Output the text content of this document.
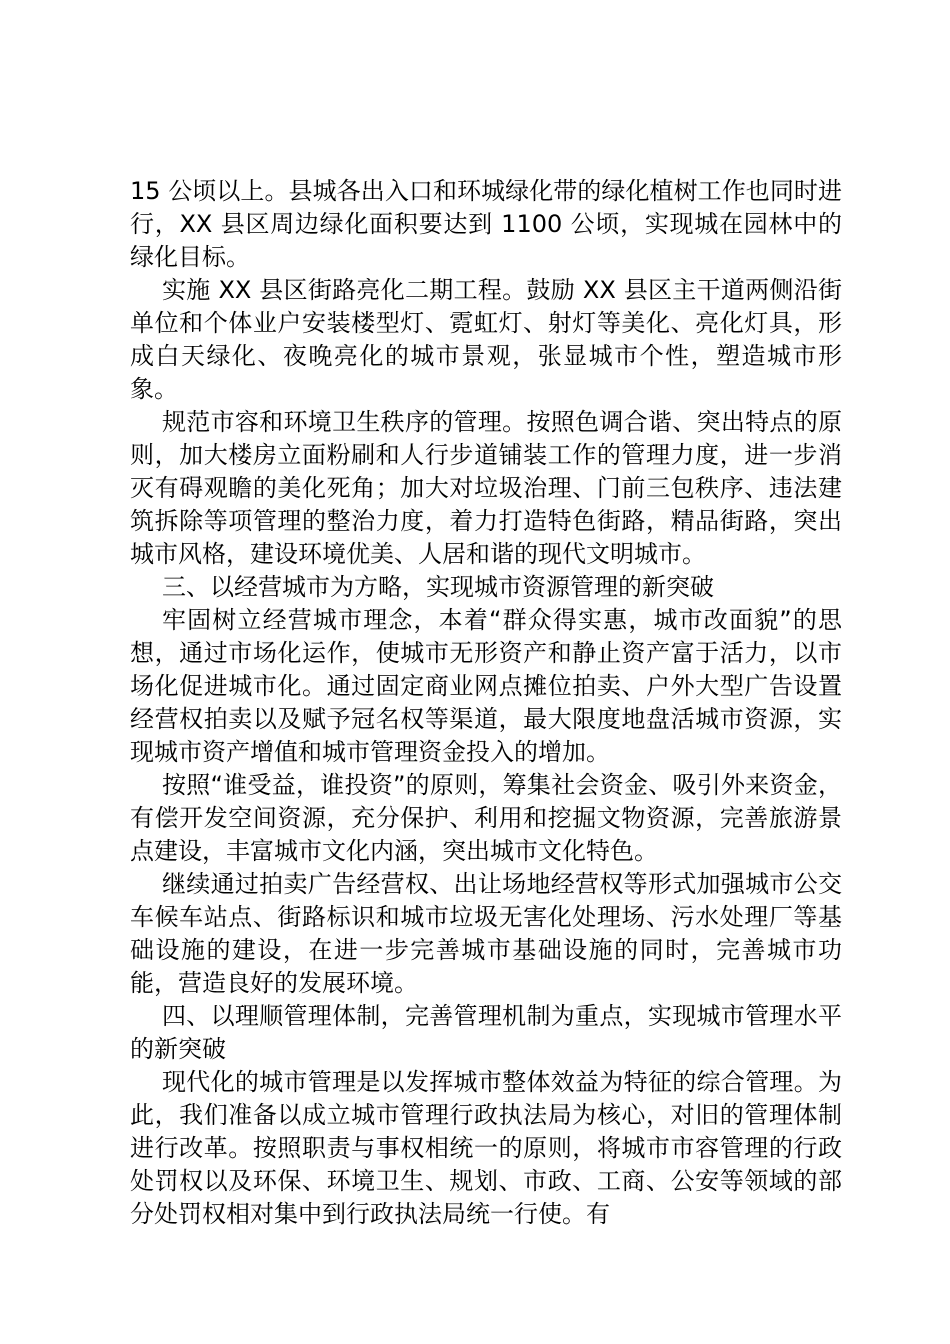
15 公顷以上。县城各出入口和环城绿化带的绿化植树工作也同时进行，XX 县区周边绿化面积要达到 1100 公顷，实现城在园林中的绿化目标。

实施 XX 县区街路亮化二期工程。鼓励 XX 县区主干道两侧沿街单位和个体业户安装楼型灯、霓虹灯、射灯等美化、亮化灯具，形成白天绿化、夜晚亮化的城市景观，张显城市个性，塑造城市形象。

规范市容和环境卫生秩序的管理。按照色调合谐、突出特点的原则，加大楼房立面粉刷和人行步道铺装工作的管理力度，进一步消灭有碍观瞻的美化死角；加大对垃圾治理、门前三包秩序、违法建筑拆除等项管理的整治力度，着力打造特色街路，精品街路，突出城市风格，建设环境优美、人居和谐的现代文明城市。

三、以经营城市为方略，实现城市资源管理的新突破

牢固树立经营城市理念，本着“群众得实惠，城市改面貌”的思想，通过市场化运作，使城市无形资产和静止资产富于活力，以市场化促进城市化。通过固定商业网点摊位拍卖、户外大型广告设置经营权拍卖以及赋予冠名权等渠道，最大限度地盘活城市资源，实现城市资产增值和城市管理资金投入的增加。

按照“谁受益，谁投资”的原则，筹集社会资金、吸引外来资金，有偿开发空间资源，充分保护、利用和挖掘文物资源，完善旅游景点建设，丰富城市文化内涵，突出城市文化特色。

继续通过拍卖广告经营权、出让场地经营权等形式加强城市公交车候车站点、街路标识和城市垃圾无害化处理场、污水处理厂等基础设施的建设，在进一步完善城市基础设施的同时，完善城市功能，营造良好的发展环境。

四、以理顺管理体制，完善管理机制为重点，实现城市管理水平的新突破

现代化的城市管理是以发挥城市整体效益为特征的综合管理。为此，我们准备以成立城市管理行政执法局为核心，对旧的管理体制进行改革。按照职责与事权相统一的原则，将城市市容管理的行政处罚权以及环保、环境卫生、规划、市政、工商、公安等领域的部分处罚权相对集中到行政执法局统一行使。有
